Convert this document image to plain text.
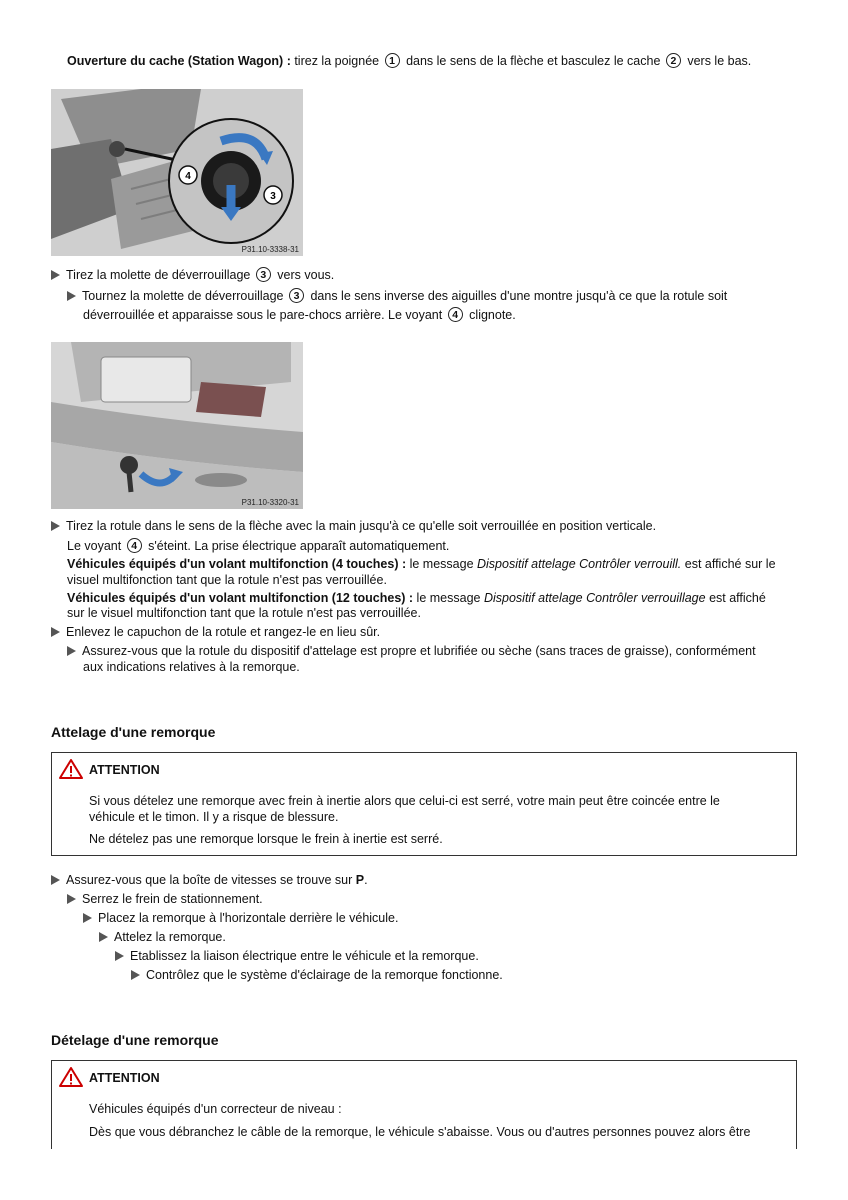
Ouverture du cache (Station Wagon) : tirez la poignée 1 dans le sens de la flèche et basculez le cache 2 vers le bas.
4
3
P31.10-3338-31
Tirez la molette de déverrouillage 3 vers vous.
Tournez la molette de déverrouillage 3 dans le sens inverse des aiguilles d'une montre jusqu'à ce que la rotule soit
déverrouillée et apparaisse sous le pare-chocs arrière. Le voyant 4 clignote.
P31.10-3320-31
Tirez la rotule dans le sens de la flèche avec la main jusqu'à ce qu'elle soit verrouillée en position verticale.
Le voyant 4 s'éteint. La prise électrique apparaît automatiquement.
Véhicules équipés d'un volant multifonction (4 touches) : le message Dispositif attelage Contrôler verrouill. est affiché sur le
visuel multifonction tant que la rotule n'est pas verrouillée.
Véhicules équipés d'un volant multifonction (12 touches) : le message Dispositif attelage Contrôler verrouillage est affiché
sur le visuel multifonction tant que la rotule n'est pas verrouillée.
Enlevez le capuchon de la rotule et rangez-le en lieu sûr.
Assurez-vous que la rotule du dispositif d'attelage est propre et lubrifiée ou sèche (sans traces de graisse), conformément
aux indications relatives à la remorque.
Attelage d'une remorque
ATTENTION
Si vous dételez une remorque avec frein à inertie alors que celui-ci est serré, votre main peut être coincée entre le
véhicule et le timon. Il y a risque de blessure.
Ne dételez pas une remorque lorsque le frein à inertie est serré.
Assurez-vous que la boîte de vitesses se trouve sur P.
Serrez le frein de stationnement.
Placez la remorque à l'horizontale derrière le véhicule.
Attelez la remorque.
Etablissez la liaison électrique entre le véhicule et la remorque.
Contrôlez que le système d'éclairage de la remorque fonctionne.
Dételage d'une remorque
ATTENTION
Véhicules équipés d'un correcteur de niveau :
Dès que vous débranchez le câble de la remorque, le véhicule s'abaisse. Vous ou d'autres personnes pouvez alors être
